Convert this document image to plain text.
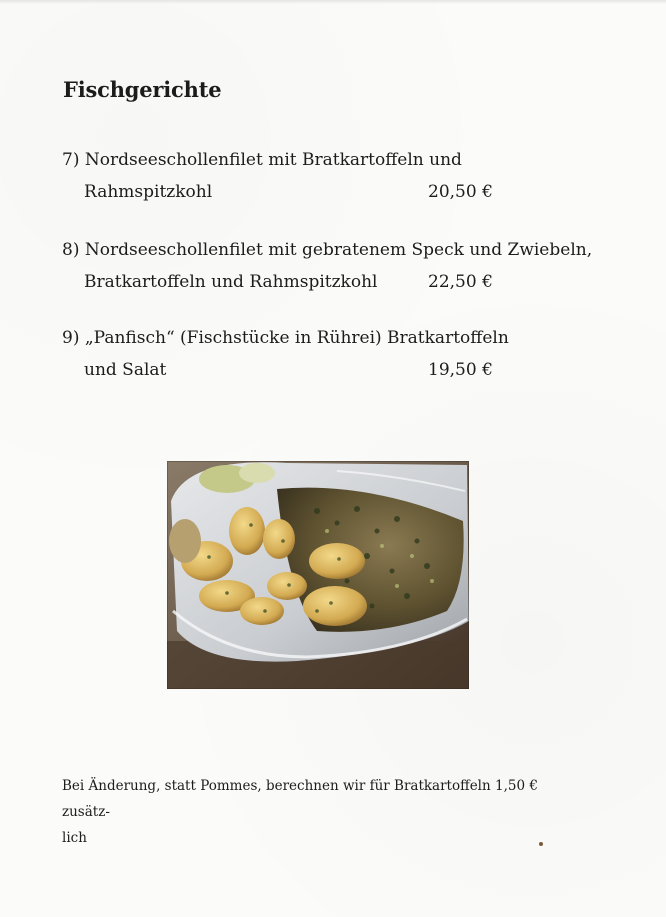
Fischgerichte
7) Nordseeschollenfilet mit Bratkartoffeln und
Rahmspitzkohl	20,50 €
8) Nordseeschollenfilet mit gebratenem Speck und Zwiebeln,
Bratkartoffeln und Rahmspitzkohl	22,50 €
9) „Panfisch“ (Fischstücke in Rührei) Bratkartoffeln
und Salat	19,50 €
Bei Änderung, statt Pommes, berechnen wir für Bratkartoffeln 1,50 € zusätz-
lich
